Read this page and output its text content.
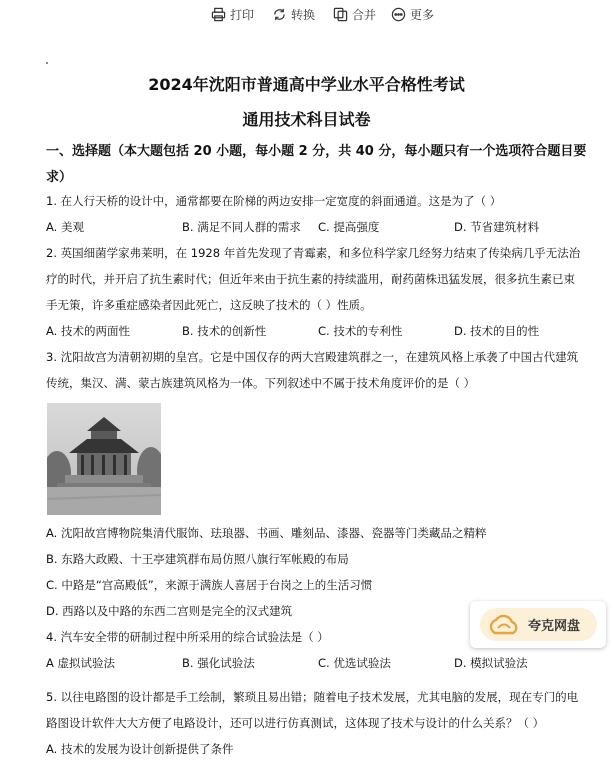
打印	转换	合并	更多
2024年沈阳市普通高中学业水平合格性考试
通用技术科目试卷
一、选择题（本大题包括 20 小题，每小题 2 分，共 40 分，每小题只有一个选项符合题目要
求）
1. 在人行天桥的设计中，通常都要在阶梯的两边安排一定宽度的斜面通道。这是为了（ ）
A. 美观	B. 满足不同人群的需求 C. 提高强度	D. 节省建筑材料
2. 英国细菌学家弗莱明，在 1928 年首先发现了青霉素，和多位科学家几经努力结束了传染病几乎无法治
疗的时代，并开启了抗生素时代；但近年来由于抗生素的持续滥用，耐药菌株迅猛发展，很多抗生素已束
手无策，许多重症感染者因此死亡，这反映了技术的（ ）性质。
A. 技术的两面性	B. 技术的创新性	C. 技术的专利性	D. 技术的目的性
3. 沈阳故宫为清朝初期的皇宫。它是中国仅存的两大宫殿建筑群之一，在建筑风格上承袭了中国古代建筑
传统，集汉、满、蒙古族建筑风格为一体。下列叙述中不属于技术角度评价的是（ ）
A. 沈阳故宫博物院集清代服饰、珐琅器、书画、雕刻品、漆器、瓷器等门类藏品之精粹
B. 东路大政殿、十王亭建筑群布局仿照八旗行军帐殿的布局
C. 中路是“宫高殿低”，来源于满族人喜居于台岗之上的生活习惯
D. 西路以及中路的东西二宫则是完全的汉式建筑
4. 汽车安全带的研制过程中所采用的综合试验法是（ ）
A 虚拟试验法	B. 强化试验法	C. 优选试验法	D. 模拟试验法
5. 以往电路图的设计都是手工绘制，繁琐且易出错；随着电子技术发展，尤其电脑的发展，现在专门的电
路图设计软件大大方便了电路设计，还可以进行仿真测试，这体现了技术与设计的什么关系？（ ）
A. 技术的发展为设计创新提供了条件
夸克网盘
